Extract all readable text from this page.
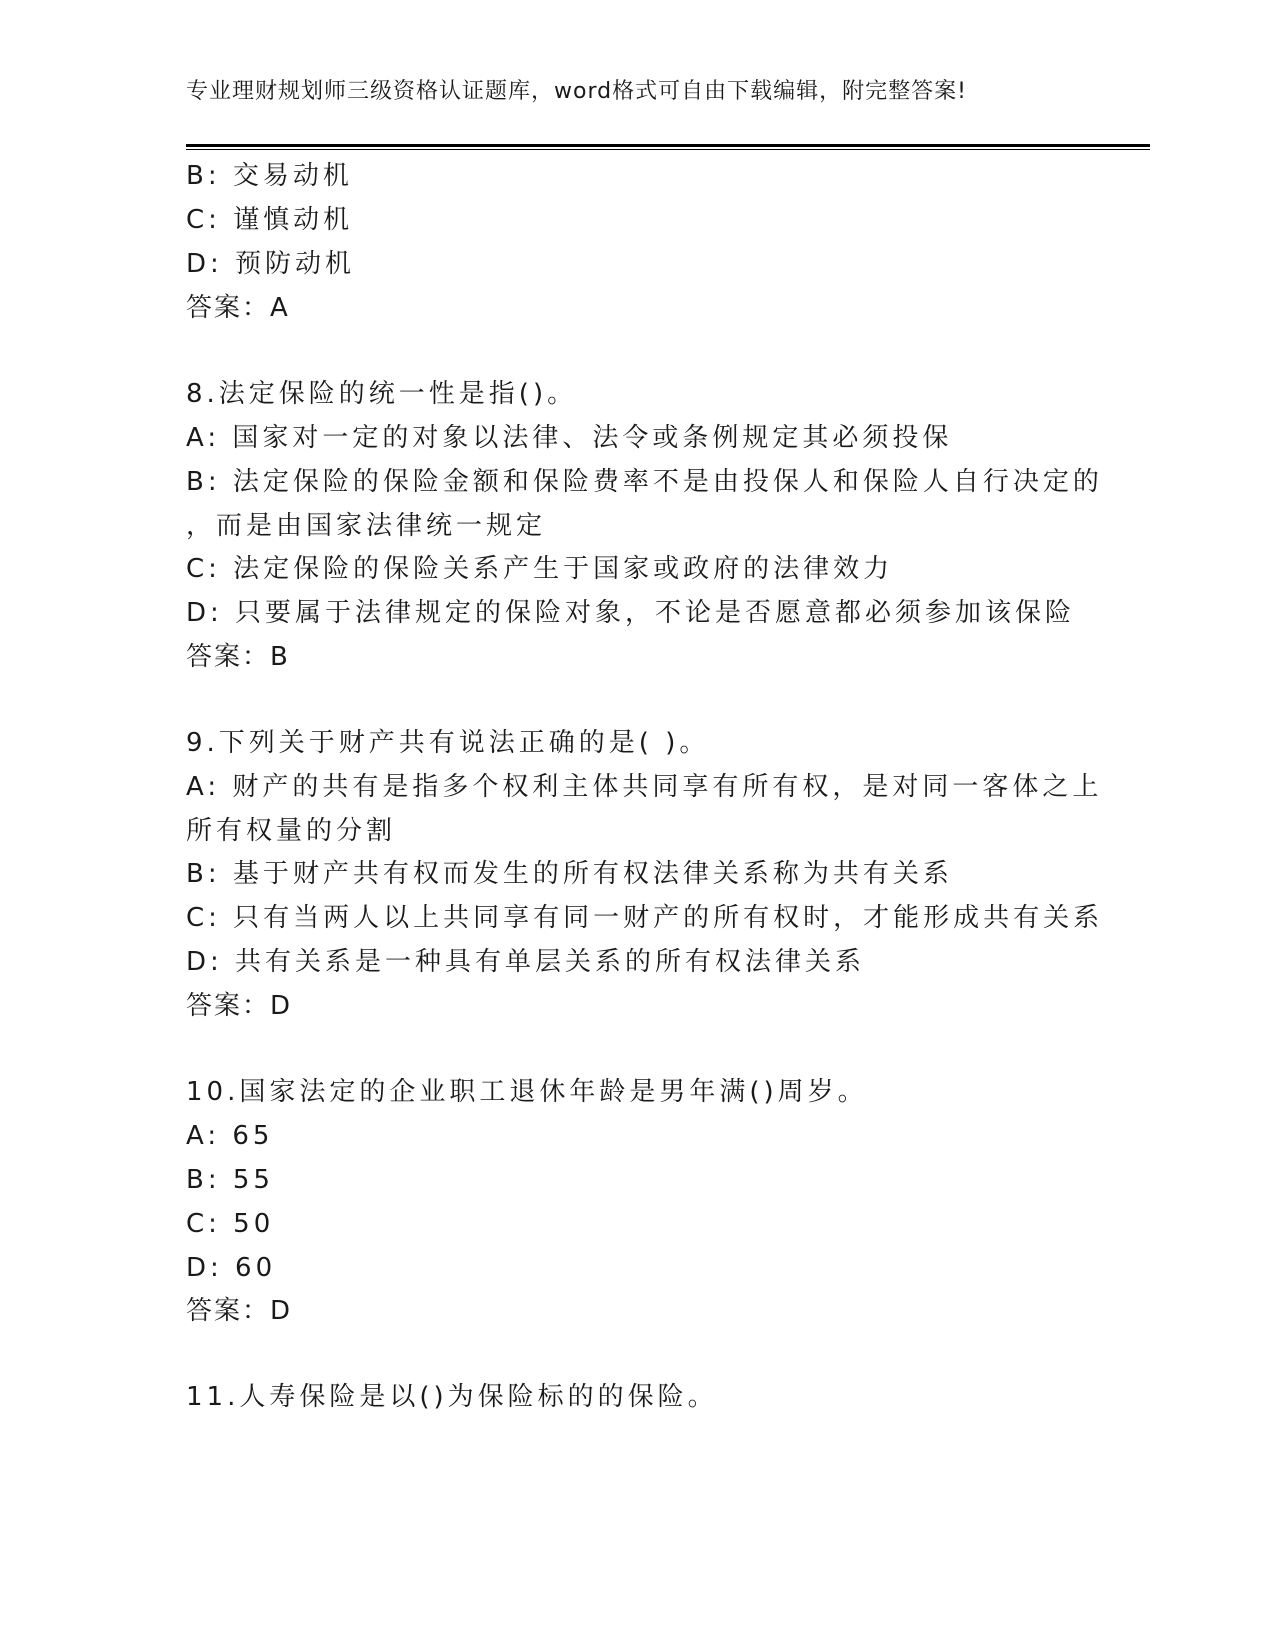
专业理财规划师三级资格认证题库，word格式可自由下载编辑，附完整答案!
B: 交易动机
C: 谨慎动机
D: 预防动机
答案：A
8.法定保险的统一性是指()。
A: 国家对一定的对象以法律、法令或条例规定其必须投保
B: 法定保险的保险金额和保险费率不是由投保人和保险人自行决定的
，而是由国家法律统一规定
C: 法定保险的保险关系产生于国家或政府的法律效力
D: 只要属于法律规定的保险对象，不论是否愿意都必须参加该保险
答案：B
9.下列关于财产共有说法正确的是( )。
A: 财产的共有是指多个权利主体共同享有所有权，是对同一客体之上
所有权量的分割
B: 基于财产共有权而发生的所有权法律关系称为共有关系
C: 只有当两人以上共同享有同一财产的所有权时，才能形成共有关系
D: 共有关系是一种具有单层关系的所有权法律关系
答案：D
10.国家法定的企业职工退休年龄是男年满()周岁。
A: 65
B: 55
C: 50
D: 60
答案：D
11.人寿保险是以()为保险标的的保险。
